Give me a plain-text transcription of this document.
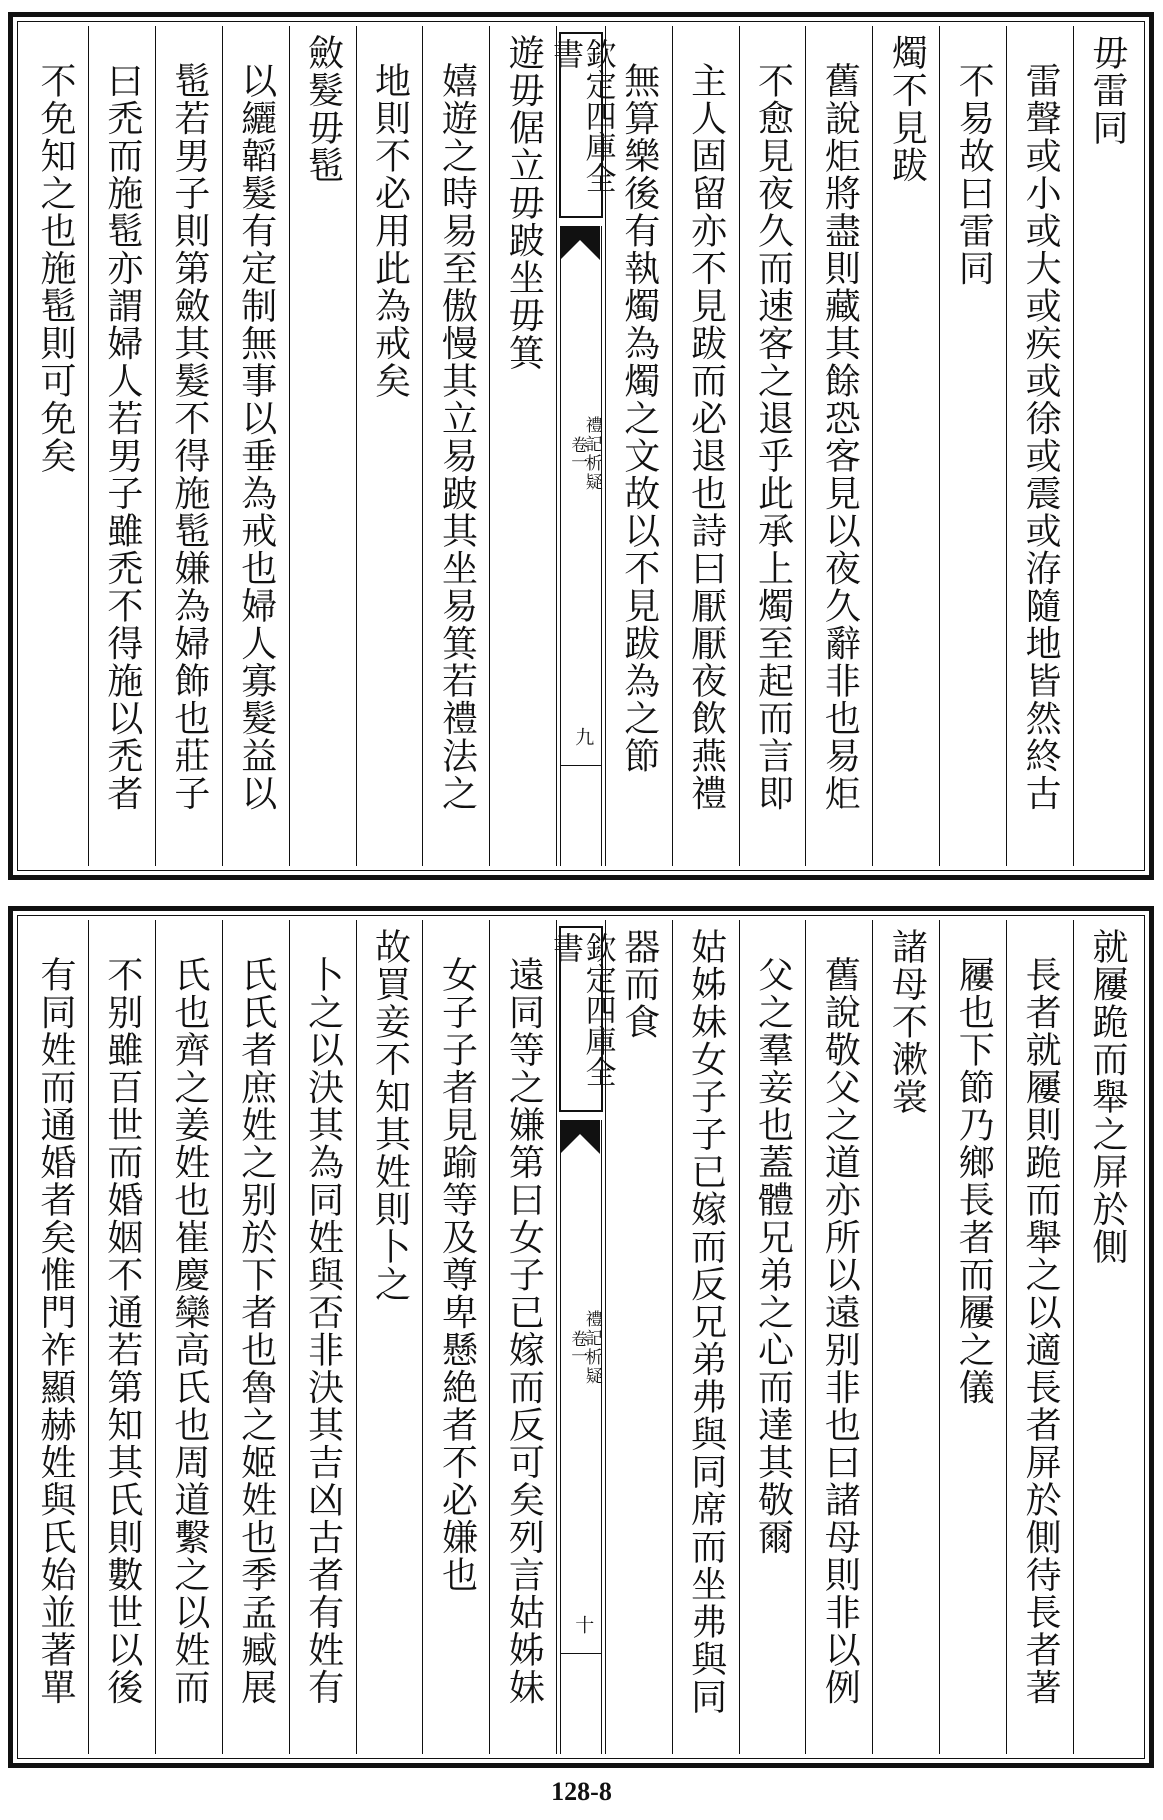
毋雷同
雷聲或小或大或疾或徐或震或洊隨地皆然終古
不易故曰雷同
燭不見跋
舊說炬將盡則藏其餘恐客見以夜久辭非也易炬
不愈見夜久而速客之退乎此承上燭至起而言即
主人固留亦不見跋而必退也詩曰厭厭夜飲燕禮
無算樂後有執燭為燭之文故以不見跋為之節
欽定四庫全書
禮記析疑
卷一
九
遊毋倨立毋跛坐毋箕
嬉遊之時易至傲慢其立易跛其坐易箕若禮法之
地則不必用此為戒矣
斂髮毋髢
以纚韜髮有定制無事以垂為戒也婦人寡髮益以
髢若男子則第斂其髮不得施髢嫌為婦飾也莊子
曰禿而施髢亦謂婦人若男子雖禿不得施以禿者
不免知之也施髢則可免矣
就屨跪而舉之屏於側
長者就屨則跪而舉之以適長者屏於側待長者著
屨也下節乃鄉長者而屨之儀
諸母不漱裳
舊說敬父之道亦所以遠别非也曰諸母則非以例
父之羣妾也蓋體兄弟之心而達其敬爾
姑姊妹女子子已嫁而反兄弟弗與同席而坐弗與同
器而食
欽定四庫全書
禮記析疑
卷一
十
遠同等之嫌第曰女子已嫁而反可矣列言姑姊妹
女子子者見踰等及尊卑懸絶者不必嫌也
故買妾不知其姓則卜之
卜之以決其為同姓與否非決其吉凶古者有姓有
氏氏者庶姓之别於下者也魯之姬姓也季孟臧展
氏也齊之姜姓也崔慶欒高氏也周道繫之以姓而
不别雖百世而婚姻不通若第知其氏則數世以後
有同姓而通婚者矣惟門祚顯赫姓與氏始並著單
128-8
